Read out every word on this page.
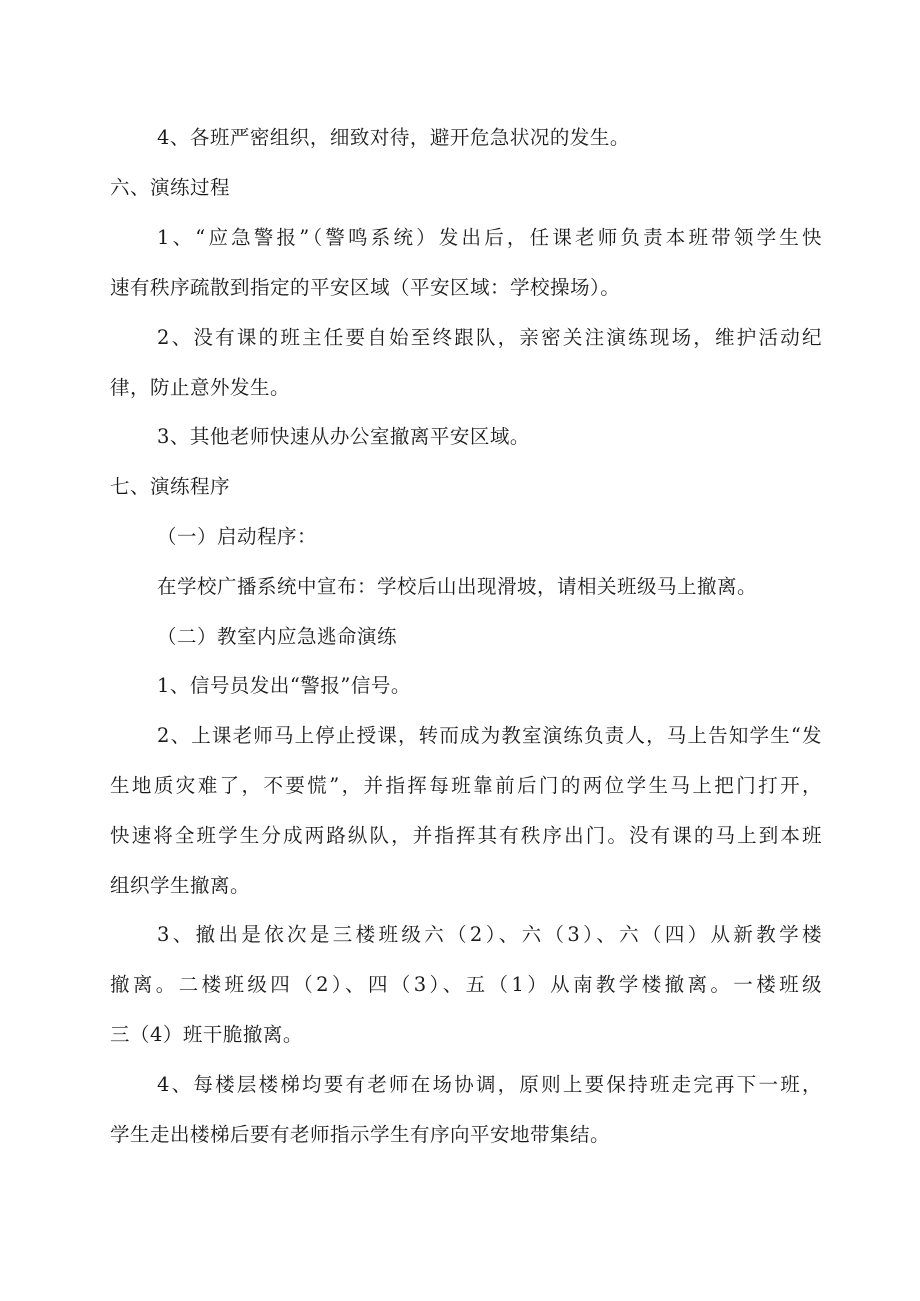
4、各班严密组织，细致对待，避开危急状况的发生。
六、演练过程
1、“应急警报”（警鸣系统）发出后，任课老师负责本班带领学生快
速有秩序疏散到指定的平安区域（平安区域：学校操场）。
2、没有课的班主任要自始至终跟队，亲密关注演练现场，维护活动纪
律，防止意外发生。
3、其他老师快速从办公室撤离平安区域。
七、演练程序
（一）启动程序：
在学校广播系统中宣布：学校后山出现滑坡，请相关班级马上撤离。
（二）教室内应急逃命演练
1、信号员发出“警报”信号。
2、上课老师马上停止授课，转而成为教室演练负责人，马上告知学生“发
生地质灾难了，不要慌”，并指挥每班靠前后门的两位学生马上把门打开，
快速将全班学生分成两路纵队，并指挥其有秩序出门。没有课的马上到本班
组织学生撤离。
3、撤出是依次是三楼班级六（2）、六（3）、六（四）从新教学楼
撤离。二楼班级四（2）、四（3）、五（1）从南教学楼撤离。一楼班级
三（4）班干脆撤离。
4、每楼层楼梯均要有老师在场协调，原则上要保持班走完再下一班，
学生走出楼梯后要有老师指示学生有序向平安地带集结。
